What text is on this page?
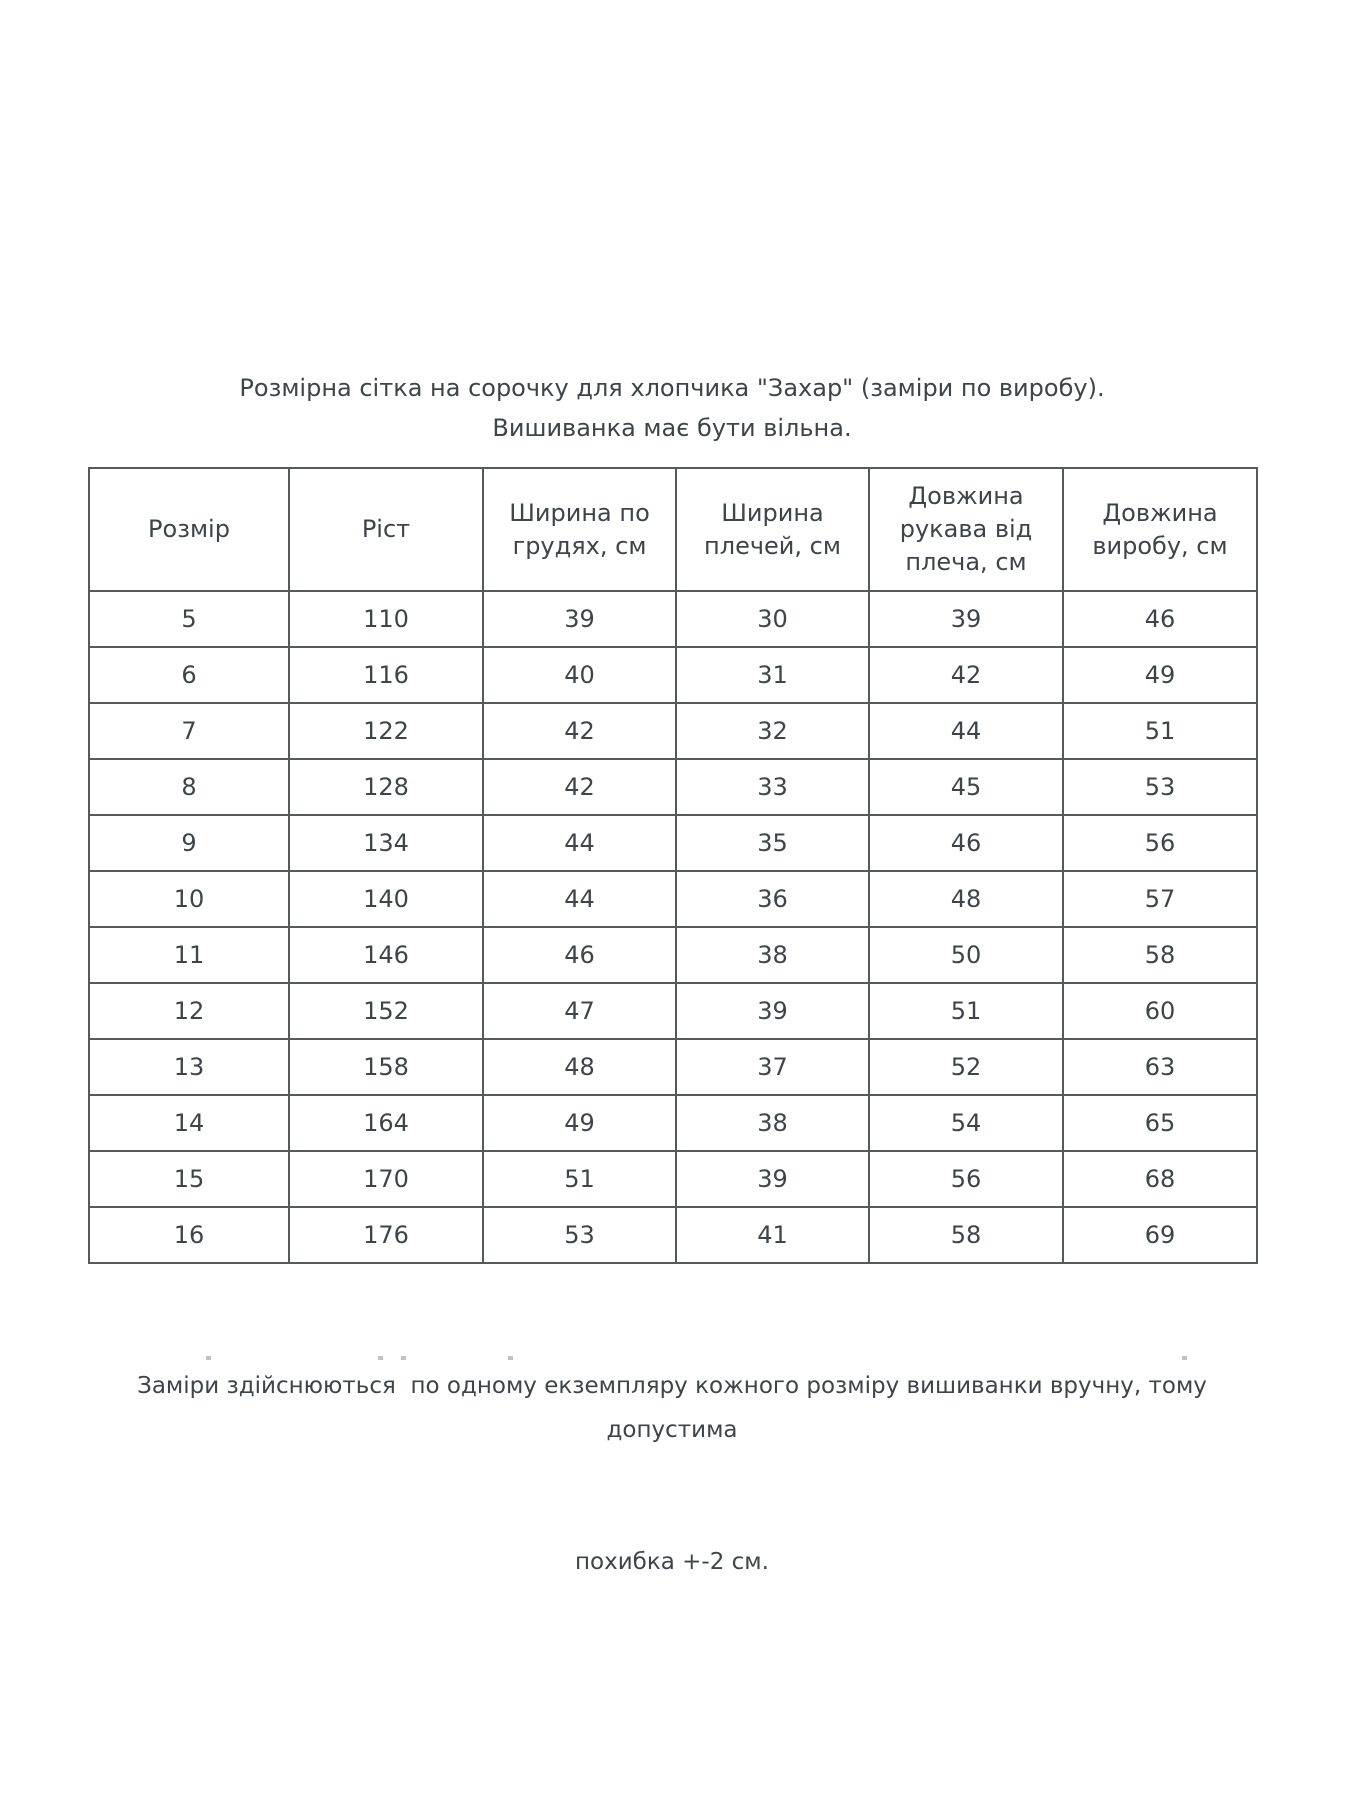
Розмірна сітка на сорочку для хлопчика "Захар" (заміри по виробу).
Вишиванка має бути вільна.
Розмір	Ріст	Ширина по грудях, см	Ширина плечей, см	Довжина рукава від плеча, см	Довжина виробу, см
5	110	39	30	39	46
6	116	40	31	42	49
7	122	42	32	44	51
8	128	42	33	45	53
9	134	44	35	46	56
10	140	44	36	48	57
11	146	46	38	50	58
12	152	47	39	51	60
13	158	48	37	52	63
14	164	49	38	54	65
15	170	51	39	56	68
16	176	53	41	58	69

Заміри здійснюються  по одному екземпляру кожного розміру вишиванки вручну, тому допустима

похибка +-2 см.
